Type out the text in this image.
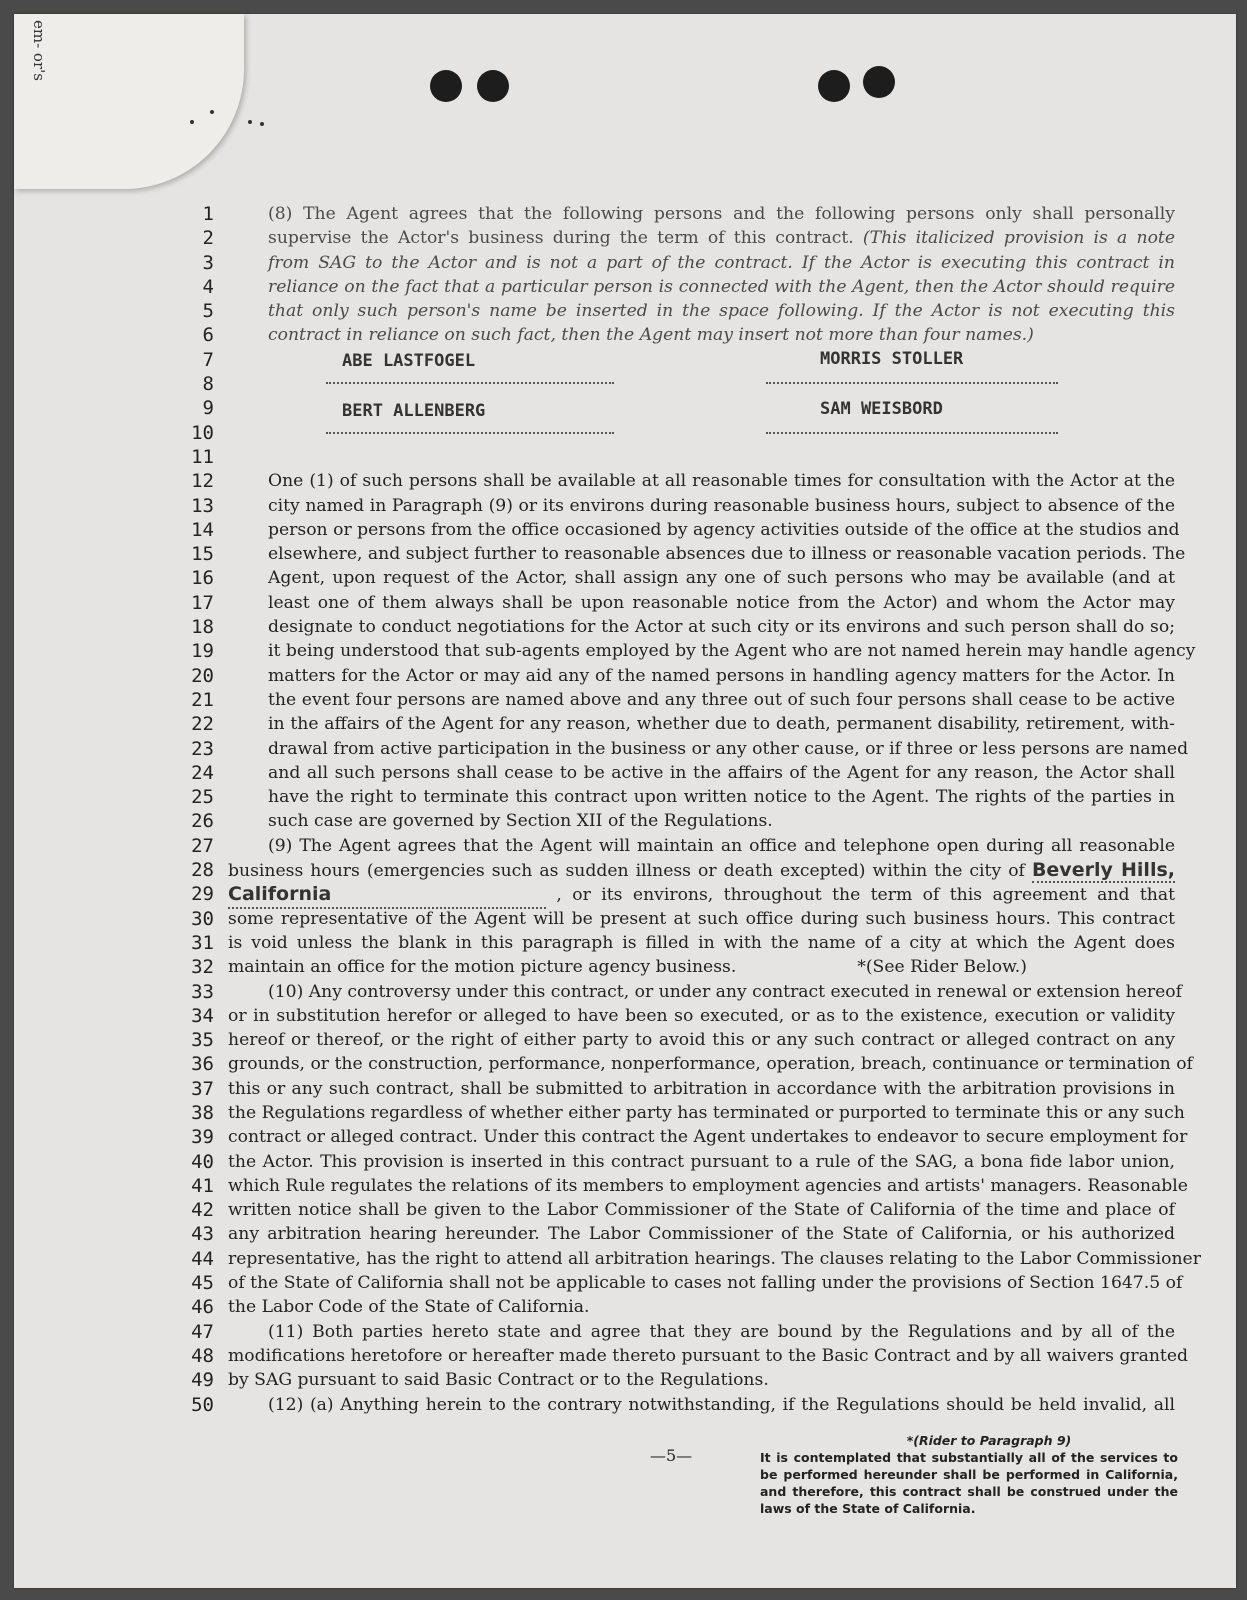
em- or's
1
2
3
4
5
6
7
8
9
10
11
12
13
14
15
16
17
18
19
20
21
22
23
24
25
26
27
28
29
30
31
32
33
34
35
36
37
38
39
40
41
42
43
44
45
46
47
48
49
50
(8) The Agent agrees that the following persons and the following persons only shall personally
supervise the Actor's business during the term of this contract. (This italicized provision is a note
from SAG to the Actor and is not a part of the contract. If the Actor is executing this contract in
reliance on the fact that a particular person is connected with the Agent, then the Actor should require
that only such person's name be inserted in the space following. If the Actor is not executing this
contract in reliance on such fact, then the Agent may insert not more than four names.)
ABE LASTFOGEL	MORRIS STOLLER
BERT ALLENBERG	SAM WEISBORD
One (1) of such persons shall be available at all reasonable times for consultation with the Actor at the
city named in Paragraph (9) or its environs during reasonable business hours, subject to absence of the
person or persons from the office occasioned by agency activities outside of the office at the studios and
elsewhere, and subject further to reasonable absences due to illness or reasonable vacation periods. The
Agent, upon request of the Actor, shall assign any one of such persons who may be available (and at
least one of them always shall be upon reasonable notice from the Actor) and whom the Actor may
designate to conduct negotiations for the Actor at such city or its environs and such person shall do so;
it being understood that sub-agents employed by the Agent who are not named herein may handle agency
matters for the Actor or may aid any of the named persons in handling agency matters for the Actor. In
the event four persons are named above and any three out of such four persons shall cease to be active
in the affairs of the Agent for any reason, whether due to death, permanent disability, retirement, with-
drawal from active participation in the business or any other cause, or if three or less persons are named
and all such persons shall cease to be active in the affairs of the Agent for any reason, the Actor shall
have the right to terminate this contract upon written notice to the Agent. The rights of the parties in
such case are governed by Section XII of the Regulations.
(9) The Agent agrees that the Agent will maintain an office and telephone open during all reasonable
business hours (emergencies such as sudden illness or death excepted) within the city of Beverly Hills,
California	, or its environs, throughout the term of this agreement and that
some representative of the Agent will be present at such office during such business hours. This contract
is void unless the blank in this paragraph is filled in with the name of a city at which the Agent does
maintain an office for the motion picture agency business.	*(See Rider Below.)
(10) Any controversy under this contract, or under any contract executed in renewal or extension hereof
or in substitution herefor or alleged to have been so executed, or as to the existence, execution or validity
hereof or thereof, or the right of either party to avoid this or any such contract or alleged contract on any
grounds, or the construction, performance, nonperformance, operation, breach, continuance or termination of
this or any such contract, shall be submitted to arbitration in accordance with the arbitration provisions in
the Regulations regardless of whether either party has terminated or purported to terminate this or any such
contract or alleged contract. Under this contract the Agent undertakes to endeavor to secure employment for
the Actor. This provision is inserted in this contract pursuant to a rule of the SAG, a bona fide labor union,
which Rule regulates the relations of its members to employment agencies and artists' managers. Reasonable
written notice shall be given to the Labor Commissioner of the State of California of the time and place of
any arbitration hearing hereunder. The Labor Commissioner of the State of California, or his authorized
representative, has the right to attend all arbitration hearings. The clauses relating to the Labor Commissioner
of the State of California shall not be applicable to cases not falling under the provisions of Section 1647.5 of
the Labor Code of the State of California.
(11) Both parties hereto state and agree that they are bound by the Regulations and by all of the
modifications heretofore or hereafter made thereto pursuant to the Basic Contract and by all waivers granted
by SAG pursuant to said Basic Contract or to the Regulations.
(12) (a) Anything herein to the contrary notwithstanding, if the Regulations should be held invalid, all
—5—
*(Rider to Paragraph 9)
It is contemplated that substantially all of the services to be performed hereunder shall be performed in California, and therefore, this contract shall be construed under the laws of the State of California.
